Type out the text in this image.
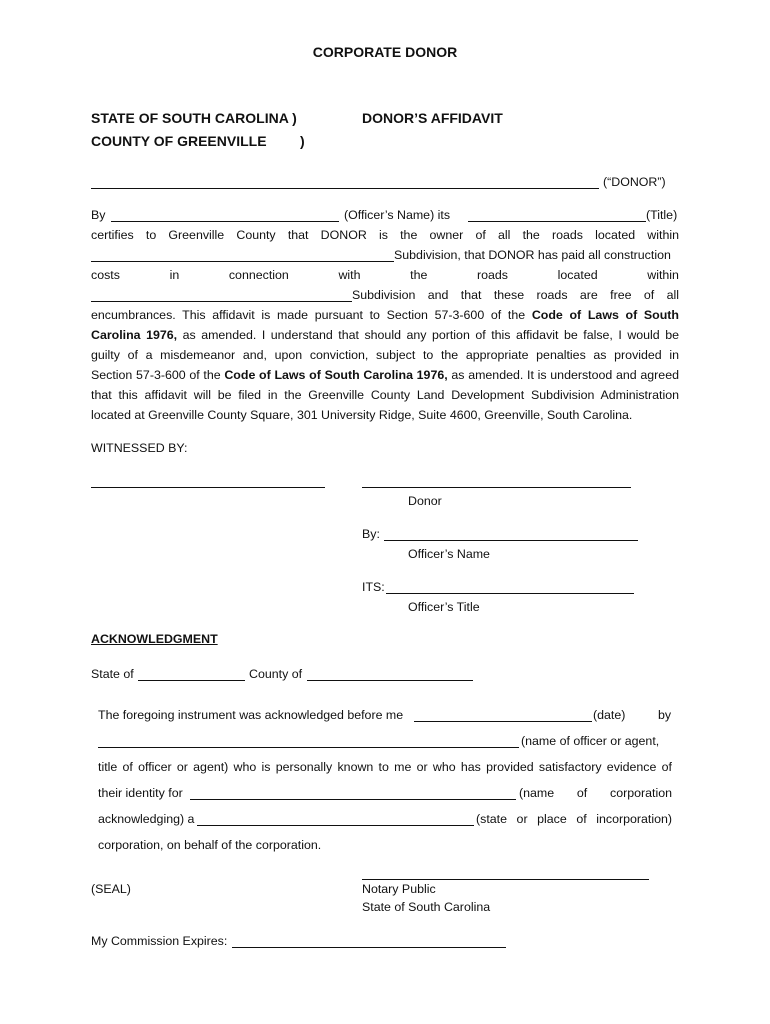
CORPORATE DONOR
STATE OF SOUTH CAROLINA )
COUNTY OF GREENVILLE )
DONOR’S AFFIDAVIT
(“DONOR”)
By	(Officer’s Name) its	(Title)
certifies to Greenville County that DONOR is the owner of all the roads located within
Subdivision, that DONOR has paid all construction
costs	in	connection	with	the	roads	located	within
Subdivision and that these roads are free of all
encumbrances. This affidavit is made pursuant to Section 57-3-600 of the Code of Laws of South
Carolina 1976, as amended. I understand that should any portion of this affidavit be false, I would be
guilty of a misdemeanor and, upon conviction, subject to the appropriate penalties as provided in
Section 57-3-600 of the Code of Laws of South Carolina 1976, as amended. It is understood and agreed
that this affidavit will be filed in the Greenville County Land Development Subdivision Administration
located at Greenville County Square, 301 University Ridge, Suite 4600, Greenville, South Carolina.
WITNESSED BY:
Donor
By:
Officer’s Name
ITS:
Officer’s Title
ACKNOWLEDGMENT
State of	County of
The foregoing instrument was acknowledged before me	(date)	by
(name of officer or agent,
title of officer or agent) who is personally known to me or who has provided satisfactory evidence of
their identity for	(name of corporation
acknowledging) a	(state or place of incorporation)
corporation, on behalf of the corporation.
(SEAL)	Notary Public
State of South Carolina
My Commission Expires:
